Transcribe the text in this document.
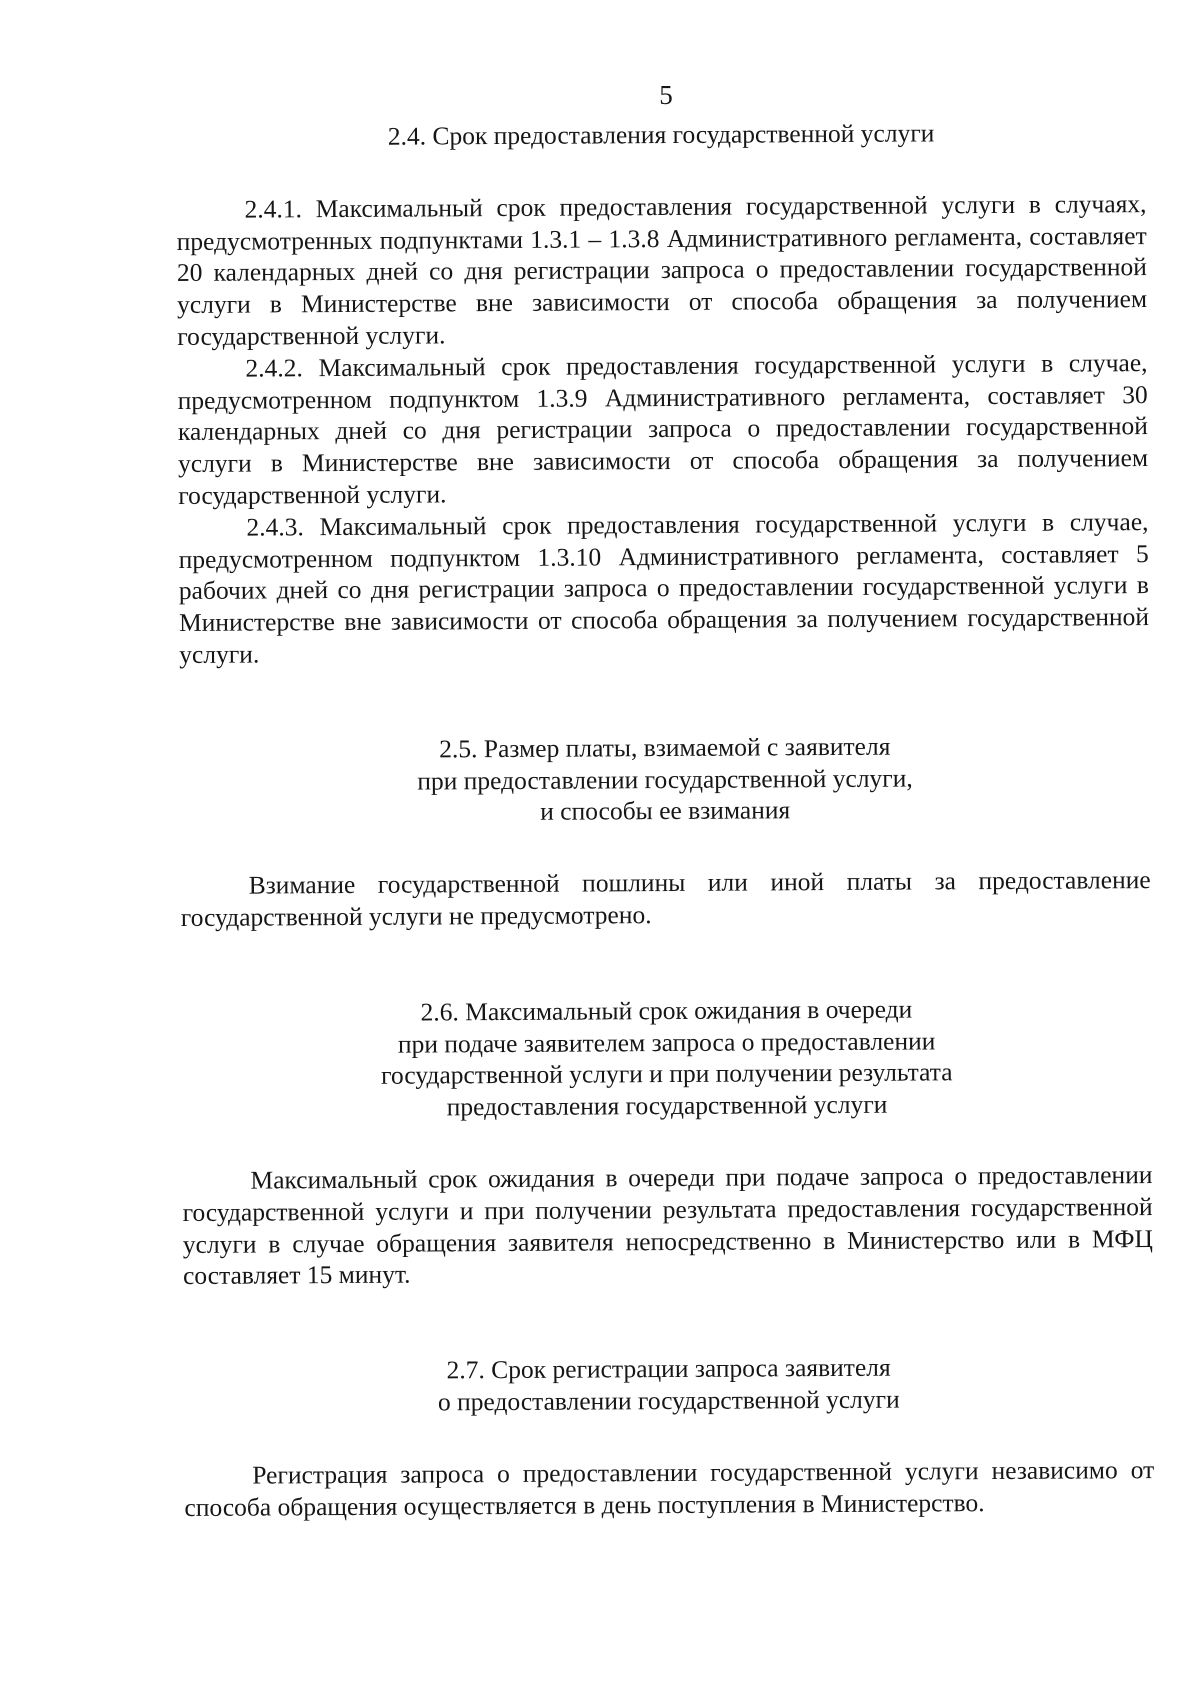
5
2.4. Срок предоставления государственной услуги

2.4.1. Максимальный срок предоставления государственной услуги в случаях, предусмотренных подпунктами 1.3.1 – 1.3.8 Административного регламента, составляет 20 календарных дней со дня регистрации запроса о предоставлении государственной услуги в Министерстве вне зависимости от способа обращения за получением государственной услуги.

2.4.2. Максимальный срок предоставления государственной услуги в случае, предусмотренном подпунктом 1.3.9 Административного регламента, составляет 30 календарных дней со дня регистрации запроса о предоставлении государственной услуги в Министерстве вне зависимости от способа обращения за получением государственной услуги.

2.4.3. Максимальный срок предоставления государственной услуги в случае, предусмотренном подпунктом 1.3.10 Административного регламента, составляет 5 рабочих дней со дня регистрации запроса о предоставлении государственной услуги в Министерстве вне зависимости от способа обращения за получением государственной услуги.

2.5. Размер платы, взимаемой с заявителя
при предоставлении государственной услуги,
и способы ее взимания

Взимание государственной пошлины или иной платы за предоставление государственной услуги не предусмотрено.

2.6. Максимальный срок ожидания в очереди
при подаче заявителем запроса о предоставлении
государственной услуги и при получении результата
предоставления государственной услуги

Максимальный срок ожидания в очереди при подаче запроса о предоставлении государственной услуги и при получении результата предоставления государственной услуги в случае обращения заявителя непосредственно в Министерство или в МФЦ составляет 15 минут.

2.7. Срок регистрации запроса заявителя
о предоставлении государственной услуги

Регистрация запроса о предоставлении государственной услуги независимо от способа обращения осуществляется в день поступления в Министерство.
